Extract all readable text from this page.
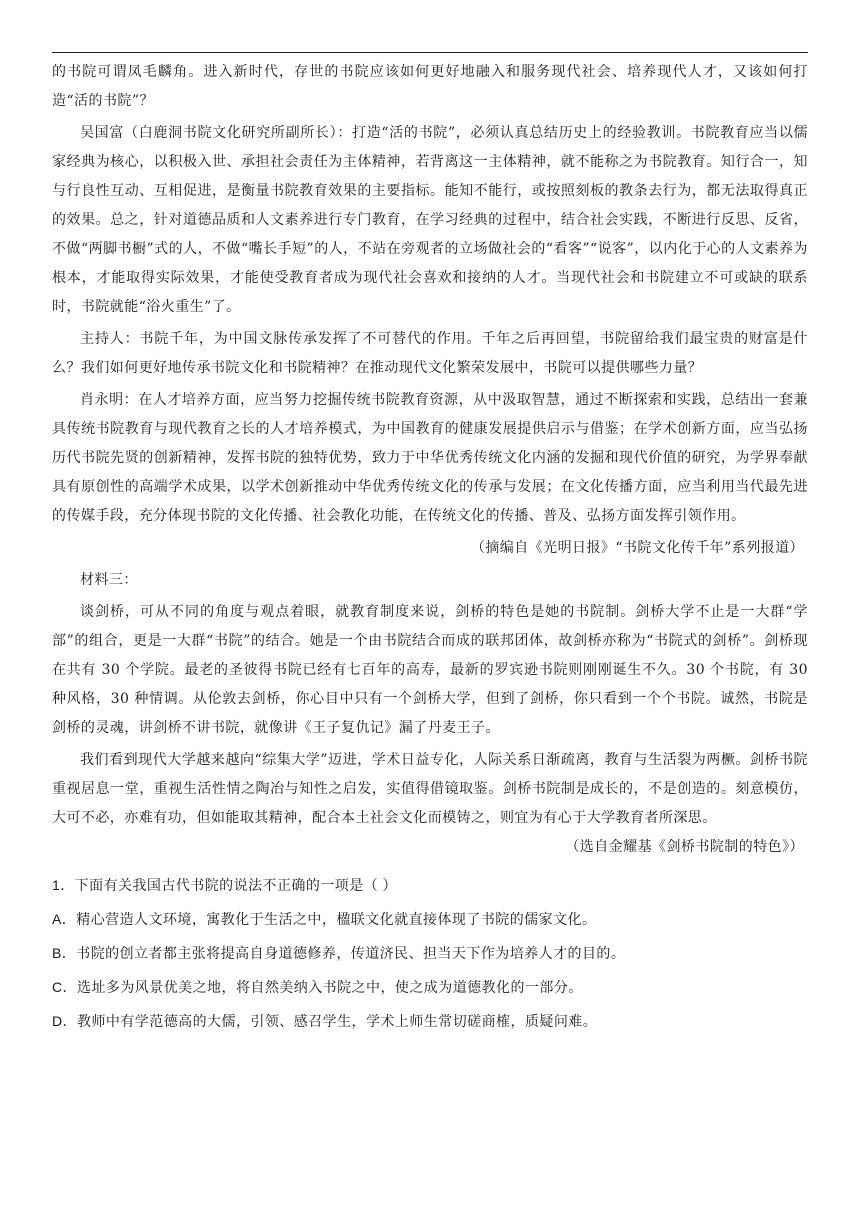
的书院可谓凤毛麟角。进入新时代，存世的书院应该如何更好地融入和服务现代社会、培养现代人才，又该如何打造“活的书院”？

吴国富（白鹿洞书院文化研究所副所长）：打造“活的书院”，必须认真总结历史上的经验教训。书院教育应当以儒家经典为核心，以积极入世、承担社会责任为主体精神，若背离这一主体精神，就不能称之为书院教育。知行合一，知与行良性互动、互相促进，是衡量书院教育效果的主要指标。能知不能行，或按照刻板的教条去行为，都无法取得真正的效果。总之，针对道德品质和人文素养进行专门教育，在学习经典的过程中，结合社会实践，不断进行反思、反省，不做“两脚书橱”式的人，不做“嘴长手短”的人，不站在旁观者的立场做社会的“看客”“说客”，以内化于心的人文素养为根本，才能取得实际效果，才能使受教育者成为现代社会喜欢和接纳的人才。当现代社会和书院建立不可或缺的联系时，书院就能“浴火重生”了。

主持人：书院千年，为中国文脉传承发挥了不可替代的作用。千年之后再回望，书院留给我们最宝贵的财富是什么？我们如何更好地传承书院文化和书院精神？在推动现代文化繁荣发展中，书院可以提供哪些力量？

肖永明：在人才培养方面，应当努力挖掘传统书院教育资源，从中汲取智慧，通过不断探索和实践，总结出一套兼具传统书院教育与现代教育之长的人才培养模式，为中国教育的健康发展提供启示与借鉴；在学术创新方面，应当弘扬历代书院先贤的创新精神，发挥书院的独特优势，致力于中华优秀传统文化内涵的发掘和现代价值的研究，为学界奉献具有原创性的高端学术成果，以学术创新推动中华优秀传统文化的传承与发展；在文化传播方面，应当利用当代最先进的传媒手段，充分体现书院的文化传播、社会教化功能，在传统文化的传播、普及、弘扬方面发挥引领作用。

（摘编自《光明日报》“书院文化传千年”系列报道）

材料三：

谈剑桥，可从不同的角度与观点着眼，就教育制度来说，剑桥的特色是她的书院制。剑桥大学不止是一大群“学部”的组合，更是一大群“书院”的结合。她是一个由书院结合而成的联邦团体，故剑桥亦称为“书院式的剑桥”。剑桥现在共有 30 个学院。最老的圣彼得书院已经有七百年的高寿，最新的罗宾逊书院则刚刚诞生不久。30 个书院，有 30 种风格，30 种情调。从伦敦去剑桥，你心目中只有一个剑桥大学，但到了剑桥，你只看到一个个书院。诚然，书院是剑桥的灵魂，讲剑桥不讲书院，就像讲《王子复仇记》漏了丹麦王子。

我们看到现代大学越来越向“综集大学”迈进，学术日益专化，人际关系日渐疏离，教育与生活裂为两橛。剑桥书院重视居息一堂，重视生活性情之陶冶与知性之启发，实值得借镜取鉴。剑桥书院制是成长的，不是创造的。刻意模仿，大可不必，亦难有功，但如能取其精神，配合本土社会文化而模铸之，则宜为有心于大学教育者所深思。

（选自金耀基《剑桥书院制的特色》）

1．下面有关我国古代书院的说法不正确的一项是（ ）

A．精心营造人文环境，寓教化于生活之中，楹联文化就直接体现了书院的儒家文化。

B．书院的创立者都主张将提高自身道德修养，传道济民、担当天下作为培养人才的目的。

C．选址多为风景优美之地，将自然美纳入书院之中，使之成为道德教化的一部分。

D．教师中有学范德高的大儒，引领、感召学生，学术上师生常切磋商榷，质疑问难。
